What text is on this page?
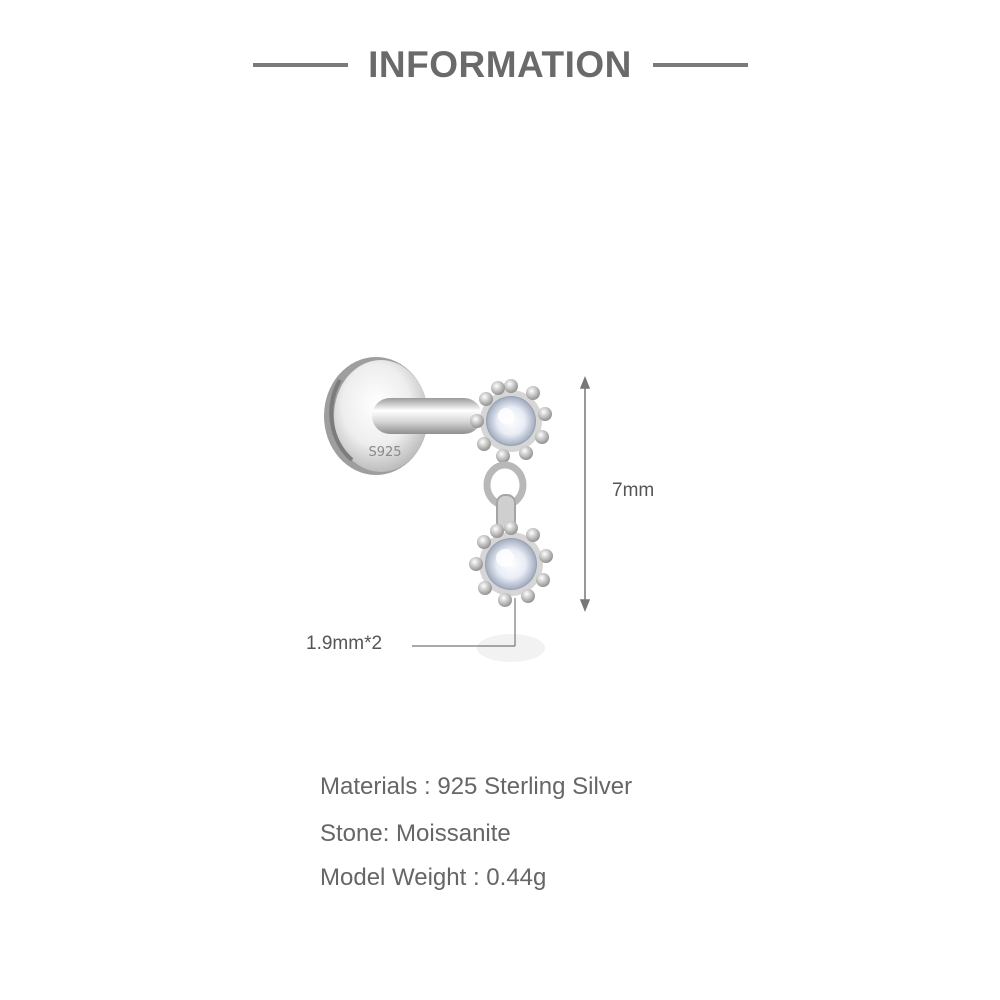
INFORMATION
S925
7mm
1.9mm*2
Materials : 925 Sterling Silver
Stone: Moissanite
Model Weight : 0.44g
